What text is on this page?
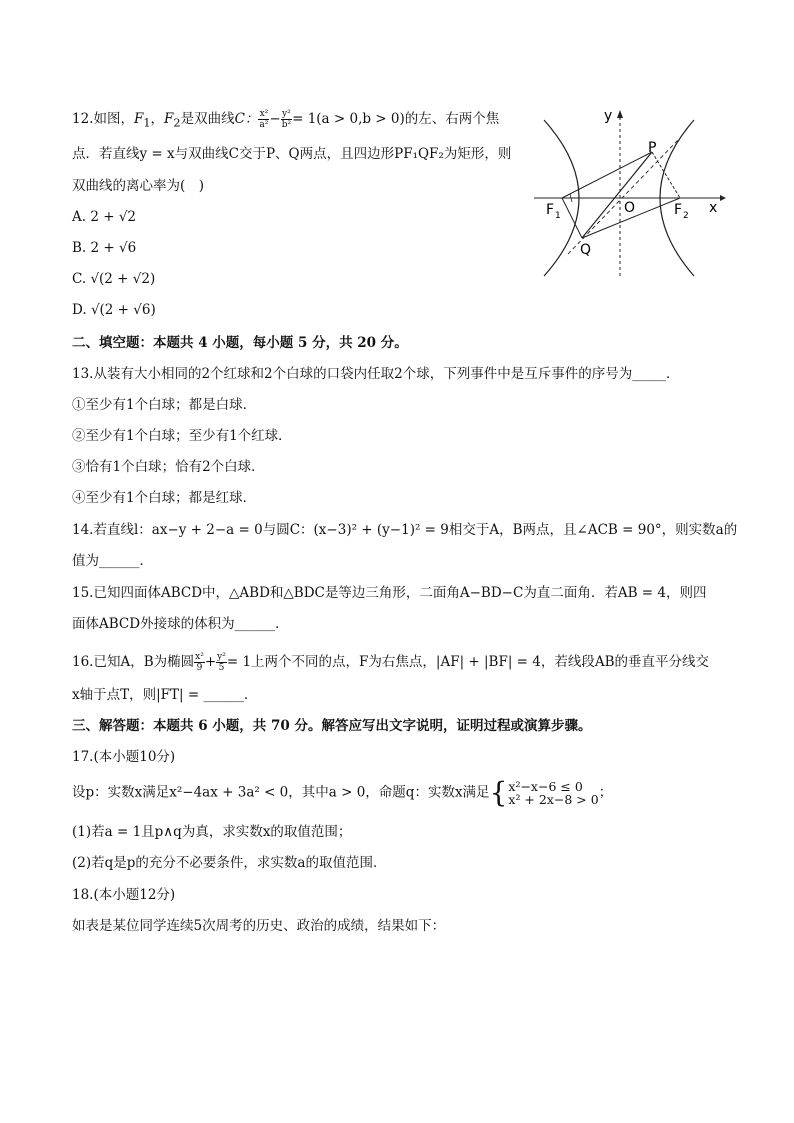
12.如图，$F_1$，$F_2$是双曲线C： $\frac{\text{x²}}{\text{a²}} - \frac{\text{y²}}{\text{b²}} = 1(a > 0,b > 0)$的左、右两个焦
点．若直线y = x与双曲线C交于P、Q两点，且四边形PF₁QF₂为矩形，则
双曲线的离心率为(　)
A. 2 + √2
B. 2 + √6
C. √(2 + √2)
D. √(2 + √6)
y
x
P
Q
O
F 1	F 2
二、填空题：本题共 4 小题，每小题 5 分，共 20 分。
13.从装有大小相同的2个红球和2个白球的口袋内任取2个球，下列事件中是互斥事件的序号为_____．
①至少有1个白球；都是白球．
②至少有1个白球；至少有1个红球．
③恰有1个白球；恰有2个白球．
④至少有1个白球；都是红球．
14.若直线l：ax−y + 2−a = 0与圆C：(x−3)² + (y−1)² = 9相交于A，B两点，且∠ACB = 90°，则实数a的
值为______．
15.已知四面体ABCD中，△ABD和△BDC是等边三角形，二面角A−BD−C为直二面角．若AB = 4，则四
面体ABCD外接球的体积为______．
16.已知A，B为椭圆 $\frac{\text{x²}}{9} + \frac{\text{y²}}{5} = 1$上两个不同的点，F为右焦点，|AF| + |BF| = 4，若线段AB的垂直平分线交
x轴于点T，则|FT| = ______．
三、解答题：本题共 6 小题，共 70 分。解答应写出文字说明，证明过程或演算步骤。
17.(本小题10分)
设p：实数x满足x²−4ax + 3a² < 0，其中a > 0，命题q：实数x满足{ x²−x−6 ≤ 0
x² + 2x−8 > 0 ；
(1)若a = 1且p∧q为真，求实数x的取值范围；
(2)若q是p的充分不必要条件，求实数a的取值范围．
18.(本小题12分)
如表是某位同学连续5次周考的历史、政治的成绩，结果如下：
